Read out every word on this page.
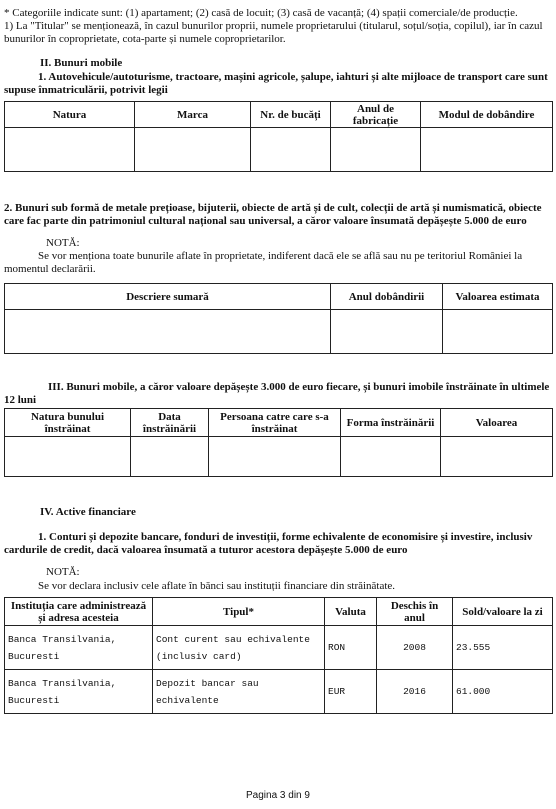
* Categoriile indicate sunt: (1) apartament; (2) casă de locuit; (3) casă de vacanță; (4) spații comerciale/de producție.
1) La "Titular" se menționează, în cazul bunurilor proprii, numele proprietarului (titularul, soțul/soția, copilul), iar în cazul bunurilor în coproprietate, cota-parte și numele coproprietarilor.
II. Bunuri mobile
1. Autovehicule/autoturisme, tractoare, mașini agricole, șalupe, iahturi și alte mijloace de transport care sunt supuse înmatriculării, potrivit legii
Natura	Marca	Nr. de bucăți	Anul de fabricație	Modul de dobândire

2. Bunuri sub formă de metale prețioase, bijuterii, obiecte de artă și de cult, colecții de artă și numismatică, obiecte care fac parte din patrimoniul cultural național sau universal, a căror valoare însumată depășește 5.000 de euro
NOTĂ:
Se vor menționa toate bunurile aflate în proprietate, indiferent dacă ele se află sau nu pe teritoriul României la momentul declarării.
Descriere sumară	Anul dobândirii	Valoarea estimata

III. Bunuri mobile, a căror valoare depășește 3.000 de euro fiecare, și bunuri imobile înstrăinate în ultimele 12 luni
Natura bunului înstrăinat	Data înstrăinării	Persoana catre care s-a înstrăinat	Forma înstrăinării	Valoarea

IV. Active financiare
1. Conturi și depozite bancare, fonduri de investiții, forme echivalente de economisire și investire, inclusiv cardurile de credit, dacă valoarea însumată a tuturor acestora depășește 5.000 de euro
NOTĂ:
Se vor declara inclusiv cele aflate în bănci sau instituții financiare din străinătate.
Instituția care administrează și adresa acesteia	Tipul*	Valuta	Deschis în anul	Sold/valoare la zi
Banca Transilvania, Bucuresti	Cont curent sau echivalente (inclusiv card)	RON	2008	23.555
Banca Transilvania, Bucuresti	Depozit bancar sau echivalente	EUR	2016	61.000
Pagina 3 din 9
